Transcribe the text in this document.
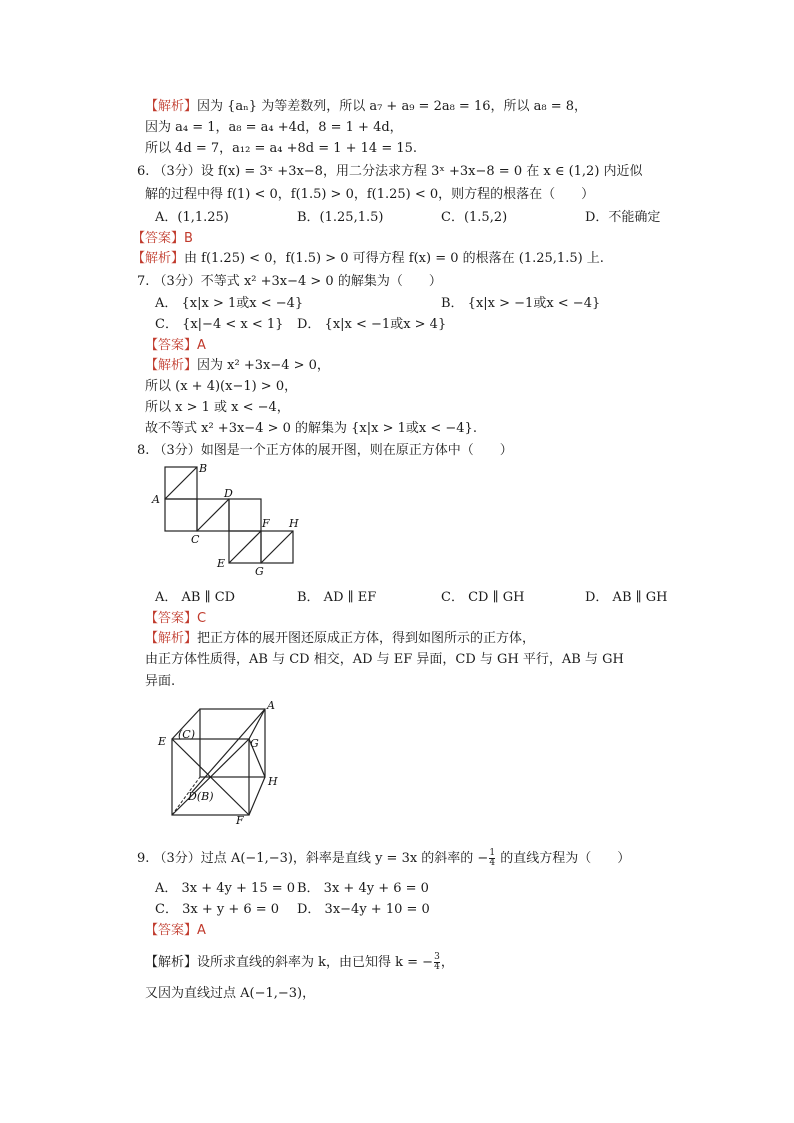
【解析】因为 {aₙ} 为等差数列，所以 a₇ + a₉ = 2a₈ = 16，所以 a₈ = 8，
因为 a₄ = 1，a₈ = a₄ +4d，8 = 1 + 4d，
所以 4d = 7，a₁₂ = a₄ +8d = 1 + 14 = 15.
6. （3分）设 f(x) = 3ˣ +3x−8，用二分法求方程 3ˣ +3x−8 = 0 在 x ∈ (1,2) 内近似
解的过程中得 f(1) < 0，f(1.5) > 0，f(1.25) < 0，则方程的根落在（　　）
A．(1,1.25)	B．(1.25,1.5)	C．(1.5,2)	D．不能确定
【答案】B
【解析】由 f(1.25) < 0，f(1.5) > 0 可得方程 f(x) = 0 的根落在 (1.25,1.5) 上.
7. （3分）不等式 x² +3x−4 > 0 的解集为（　　）
A． {x|x > 1或x < −4}	B． {x|x > −1或x < −4}
C． {x|−4 < x < 1} D． {x|x < −1或x > 4}
【答案】A
【解析】因为 x² +3x−4 > 0，
所以 (x + 4)(x−1) > 0，
所以 x > 1 或 x < −4，
故不等式 x² +3x−4 > 0 的解集为 {x|x > 1或x < −4}.
8. （3分）如图是一个正方体的展开图，则在原正方体中（　　）
B
A	D
C
F H
E
G
A． AB ∥ CD	B． AD ∥ EF	C． CD ∥ GH	D． AB ∥ GH
【答案】C
【解析】把正方体的展开图还原成正方体，得到如图所示的正方体，
由正方体性质得，AB 与 CD 相交，AD 与 EF 异面，CD 与 GH 平行，AB 与 GH
异面.
A
E
(C)
G
H
D(B)
F
9. （3分）过点 A(−1,−3)，斜率是直线 y = 3x 的斜率的 − $\frac{1}{4}$ 的直线方程为（　　）
A． 3x + 4y + 15 = 0 B． 3x + 4y + 6 = 0
C． 3x + y + 6 = 0 D． 3x−4y + 10 = 0
【答案】A
【解析】设所求直线的斜率为 k，由已知得 k = − $\frac{3}{4}$ ，
又因为直线过点 A(−1,−3)，
